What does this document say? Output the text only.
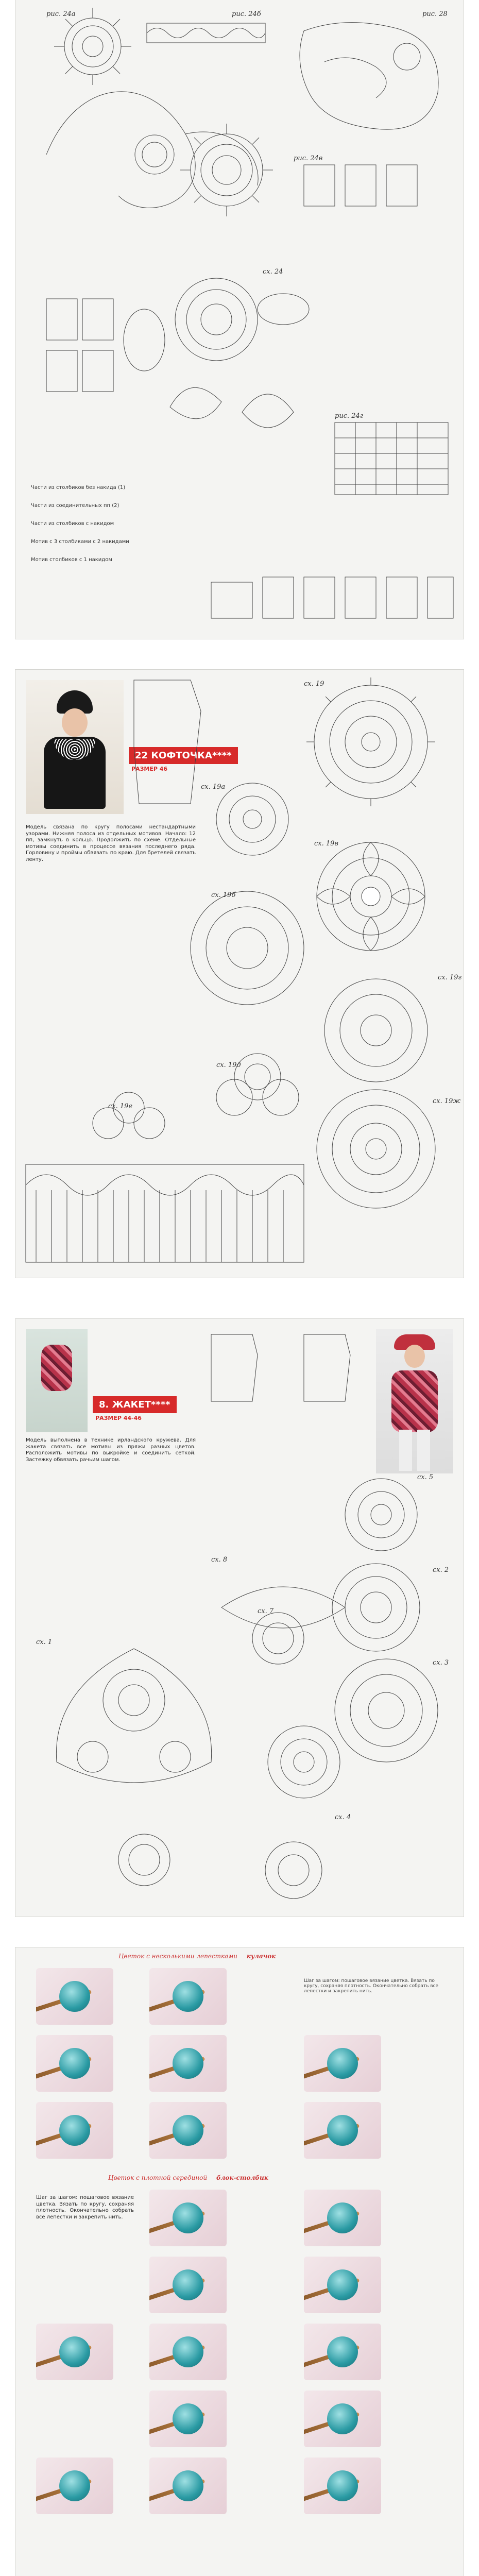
рис. 24а	рис. 24б	рис. 28
сх. 24
рис. 24в
рис. 24г
Части из столбиков без накида (1)
Части из соединительных пп (2)
Части из столбиков с накидом
Мотив с 3 столбиками с 2 накидами
Мотив столбиков с 1 накидом
22 КОФТОЧКА****
РАЗМЕР 46
Модель связана по кругу полосами нестандартными узорами. Нижняя полоса из отдельных мотивов. Начало: 12 пп, замкнуть в кольцо. Продолжить по схеме. Отдельные мотивы соединить в процессе вязания последнего ряда. Горловину и проймы обвязать по краю. Для бретелей связать ленту.
сх. 19
сх. 19а
сх. 19б
сх. 19в
сх. 19г
сх. 19д
сх. 19е
сх. 19ж
8. ЖАКЕТ****
РАЗМЕР 44-46
Модель выполнена в технике ирландского кружева. Для жакета связать все мотивы из пряжи разных цветов. Расположить мотивы по выкройке и соединить сеткой. Застежку обвязать рачьим шагом.
сх. 8
сх. 5
сх. 7
сх. 1
сх. 2
сх. 3
сх. 4
Цветок с несколькими лепестками кулачок
Шаг за шагом: пошаговое вязание цветка. Вязать по кругу, сохраняя плотность. Окончательно собрать все лепестки и закрепить нить.
Цветок с плотной серединой блок-столбик
Шаг за шагом: пошаговое вязание цветка. Вязать по кругу, сохраняя плотность. Окончательно собрать все лепестки и закрепить нить.
